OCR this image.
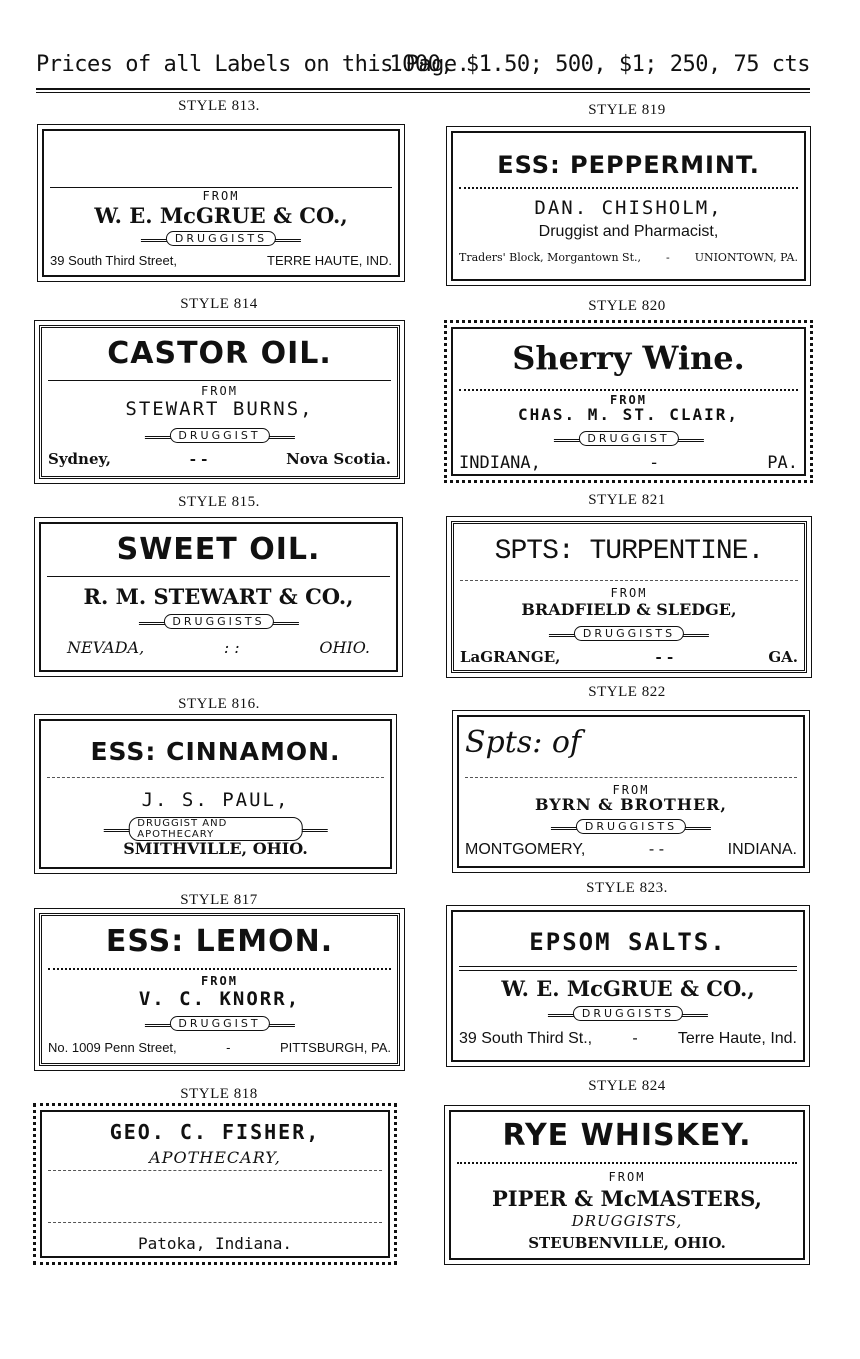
Prices of all Labels on this Page.
1000, $1.50; 500, $1; 250, 75 cts
STYLE 813.
FROM
W. E. McGRUE & CO.,
DRUGGISTS
39 South Third Street,	TERRE HAUTE, IND.
STYLE 814
CASTOR OIL.
FROM
STEWART BURNS,
DRUGGIST
Sydney,	- -	Nova Scotia.
STYLE 815.
SWEET OIL.
R. M. STEWART & CO.,
DRUGGISTS
NEVADA,	: :	OHIO.
STYLE 816.
ESS: CINNAMON.
J. S. PAUL,
DRUGGIST AND APOTHECARY
SMITHVILLE, OHIO.
STYLE 817
ESS: LEMON.
FROM
V. C. KNORR,
DRUGGIST
No. 1009 Penn Street,	-	PITTSBURGH, PA.
STYLE 818
GEO. C. FISHER,
APOTHECARY,
Patoka, Indiana.
STYLE 819
ESS: PEPPERMINT.
DAN. CHISHOLM,
Druggist and Pharmacist,
Traders' Block, Morgantown St., - UNIONTOWN, PA.
STYLE 820
Sherry Wine.
FROM
CHAS. M. ST. CLAIR,
DRUGGIST
INDIANA,	-	PA.
STYLE 821
SPTS: TURPENTINE.
FROM
BRADFIELD & SLEDGE,
DRUGGISTS
LaGRANGE,	- -	GA.
STYLE 822
Spts: of
FROM
BYRN & BROTHER,
DRUGGISTS
MONTGOMERY,	- -	INDIANA.
STYLE 823.
EPSOM SALTS.
W. E. McGRUE & CO.,
DRUGGISTS
39 South Third St.,	-	Terre Haute, Ind.
STYLE 824
RYE WHISKEY.
FROM
PIPER & McMASTERS,
DRUGGISTS,
STEUBENVILLE, OHIO.
